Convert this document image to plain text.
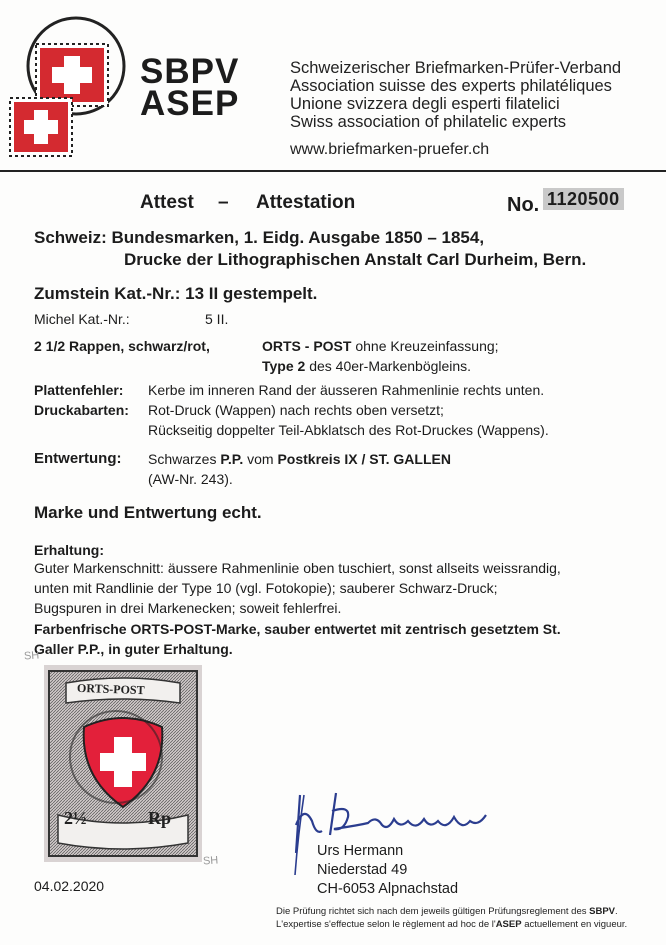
SBPV
ASEP
Schweizerischer Briefmarken-Prüfer-Verband
Association suisse des experts philatéliques
Unione svizzera degli esperti filatelici
Swiss association of philatelic experts
www.briefmarken-pruefer.ch
Attest – Attestation	No. 1120500
Schweiz: Bundesmarken, 1. Eidg. Ausgabe 1850 – 1854,
Drucke der Lithographischen Anstalt Carl Durheim, Bern.
Zumstein Kat.-Nr.: 13 II gestempelt.
Michel Kat.-Nr.:	5 II.
2 1/2 Rappen, schwarz/rot,	ORTS - POST ohne Kreuzeinfassung;
Type 2 des 40er-Markenbögleins.
Plattenfehler: Kerbe im inneren Rand der äusseren Rahmenlinie rechts unten.
Druckabarten: Rot-Druck (Wappen) nach rechts oben versetzt;
Rückseitig doppelter Teil-Abklatsch des Rot-Druckes (Wappens).
Entwertung: Schwarzes P.P. vom Postkreis IX / ST. GALLEN
(AW-Nr. 243).
Marke und Entwertung echt.
Erhaltung:
Guter Markenschnitt: äussere Rahmenlinie oben tuschiert, sonst allseits weissrandig,
unten mit Randlinie der Type 10 (vgl. Fotokopie); sauberer Schwarz-Druck;
Bugspuren in drei Markenecken; soweit fehlerfrei.
Farbenfrische ORTS-POST-Marke, sauber entwertet mit zentrisch gesetztem St.
Galler P.P., in guter Erhaltung.
SH
ORTS-POST
2½	Rp
SH
04.02.2020
Urs Hermann
Niederstad 49
CH-6053 Alpnachstad
Die Prüfung richtet sich nach dem jeweils gültigen Prüfungsreglement des SBPV.
L'expertise s'effectue selon le règlement ad hoc de l'ASEP actuellement en vigueur.
